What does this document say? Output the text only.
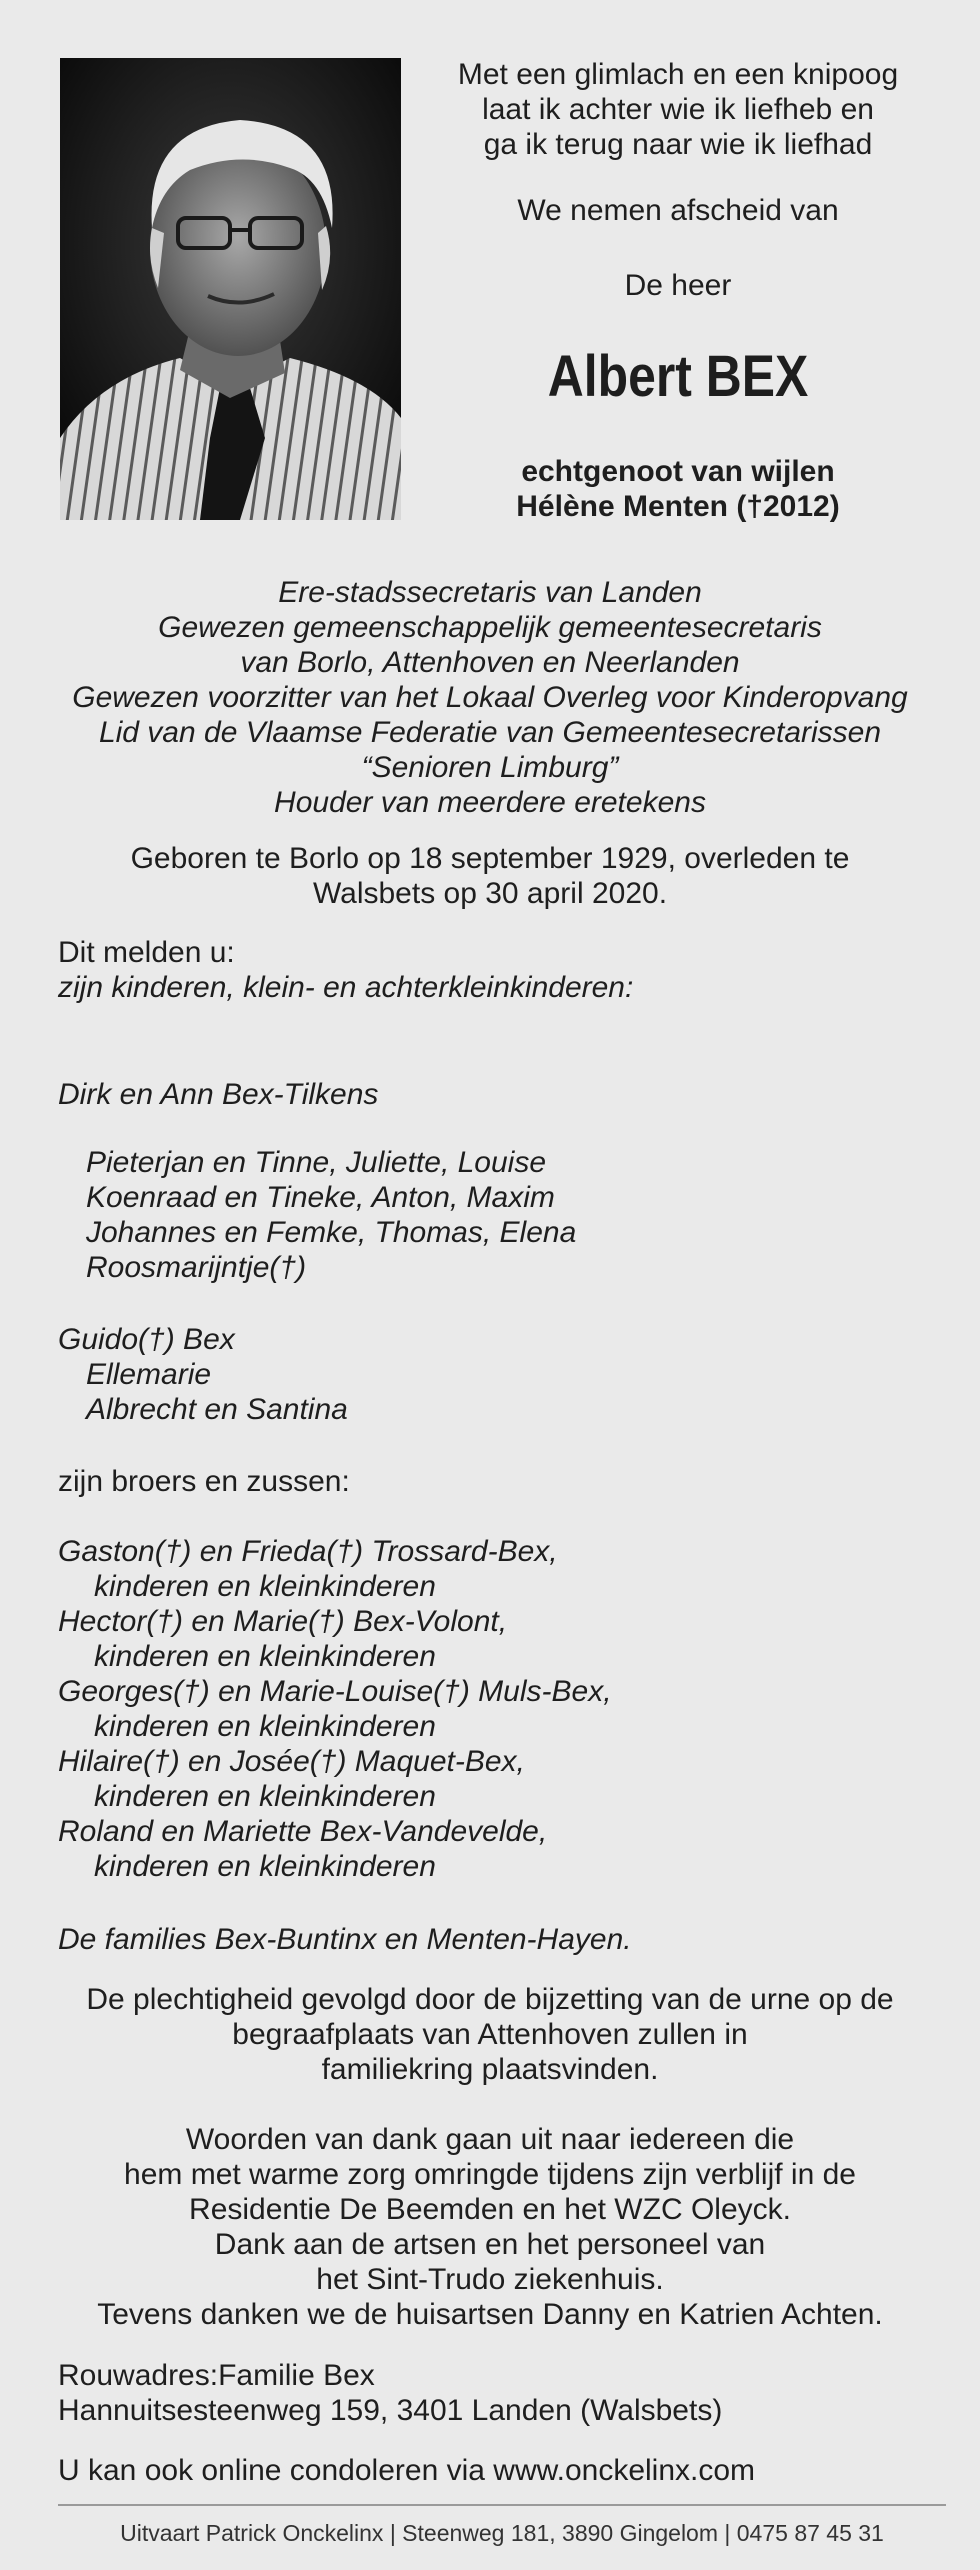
Met een glimlach en een knipoog
laat ik achter wie ik liefheb en
ga ik terug naar wie ik liefhad
We nemen afscheid van
De heer
Albert BEX
echtgenoot van wijlen
Hélène Menten (†2012)
Ere-stadssecretaris van Landen
Gewezen gemeenschappelijk gemeentesecretaris
van Borlo, Attenhoven en Neerlanden
Gewezen voorzitter van het Lokaal Overleg voor Kinderopvang
Lid van de Vlaamse Federatie van Gemeentesecretarissen
“Senioren Limburg”
Houder van meerdere eretekens
Geboren te Borlo op 18 september 1929, overleden te
Walsbets op 30 april 2020.
Dit melden u:
zijn kinderen, klein- en achterkleinkinderen:
Dirk en Ann Bex-Tilkens
Pieterjan en Tinne, Juliette, Louise
Koenraad en Tineke, Anton, Maxim
Johannes en Femke, Thomas, Elena
Roosmarijntje(†)
Guido(†) Bex
Ellemarie
Albrecht en Santina
zijn broers en zussen:
Gaston(†) en Frieda(†) Trossard-Bex,
kinderen en kleinkinderen
Hector(†) en Marie(†) Bex-Volont,
kinderen en kleinkinderen
Georges(†) en Marie-Louise(†) Muls-Bex,
kinderen en kleinkinderen
Hilaire(†) en Josée(†) Maquet-Bex,
kinderen en kleinkinderen
Roland en Mariette Bex-Vandevelde,
kinderen en kleinkinderen
De families Bex-Buntinx en Menten-Hayen.
De plechtigheid gevolgd door de bijzetting van de urne op de
begraafplaats van Attenhoven zullen in
familiekring plaatsvinden.
Woorden van dank gaan uit naar iedereen die
hem met warme zorg omringde tijdens zijn verblijf in de
Residentie De Beemden en het WZC Oleyck.
Dank aan de artsen en het personeel van
het Sint-Trudo ziekenhuis.
Tevens danken we de huisartsen Danny en Katrien Achten.
Rouwadres:Familie Bex
Hannuitsesteenweg 159, 3401 Landen (Walsbets)
U kan ook online condoleren via www.onckelinx.com
Uitvaart Patrick Onckelinx | Steenweg 181, 3890 Gingelom | 0475 87 45 31
